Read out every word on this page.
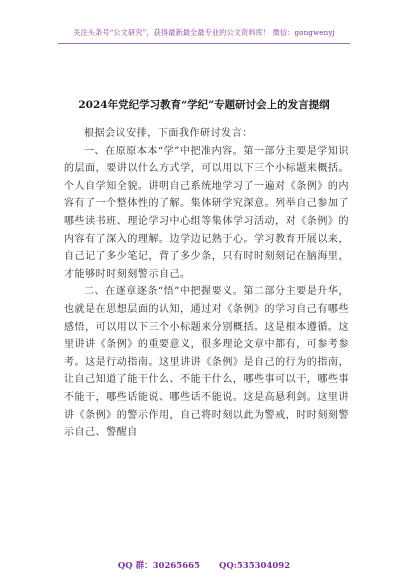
关注头条号“公文研究”，获得最新最全最专业的公文资料库！ 微信：gongwenyj
2024年党纪学习教育“学纪”专题研讨会上的发言提纲

根据会议安排，下面我作研讨发言：

一、在原原本本“学”中把准内容。第一部分主要是学知识的层面，要讲以什么方式学，可以用以下三个小标题来概括。个人自学知全貌。讲明自己系统地学习了一遍对《条例》的内容有了一个整体性的了解。集体研学究深意。列举自己参加了哪些读书班、理论学习中心组等集体学习活动，对《条例》的内容有了深入的理解。边学边记熟于心。学习教育开展以来，自己记了多少笔记，背了多少条，只有时时刻刻记在脑海里，才能够时时刻刻警示自己。

二、在逐章逐条“悟”中把握要义。第二部分主要是升华，也就是在思想层面的认知，通过对《条例》的学习自己有哪些感悟，可以用以下三个小标题来分别概括。这是根本遵循。这里讲讲《条例》的重要意义，很多理论文章中都有，可参考参考。这是行动指南。这里讲讲《条例》是自己的行为的指南，让自己知道了能干什么、不能干什么，哪些事可以干，哪些事不能干，哪些话能说、哪些话不能说。这是高悬利剑。这里讲讲《条例》的警示作用，自己将时刻以此为警戒，时时刻刻警示自己、警醒自

QQ 群：30265665 QQ:535304092
